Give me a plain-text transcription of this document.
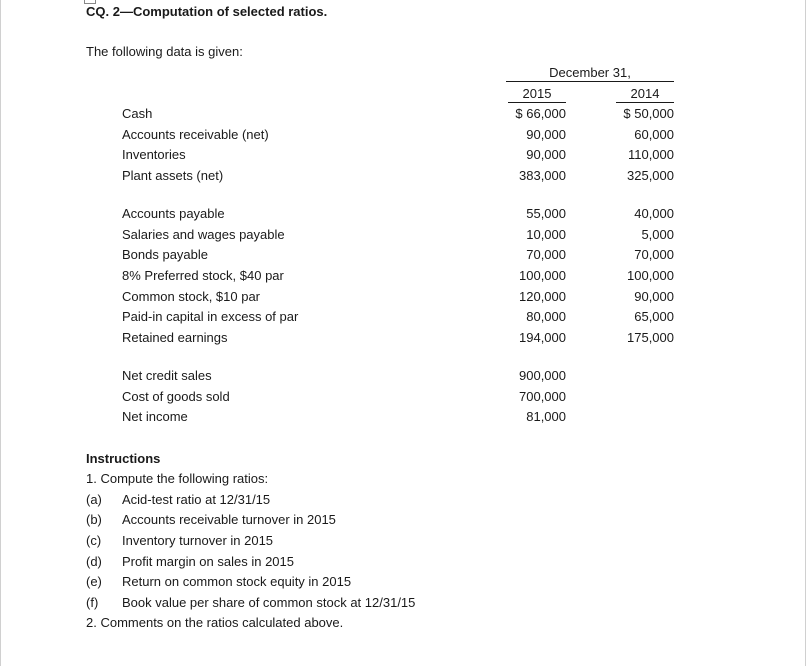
CQ. 2—Computation of selected ratios.
The following data is given:
December 31,
2015	2014
Cash	$ 66,000	$ 50,000
Accounts receivable (net)	90,000	60,000
Inventories	90,000	110,000
Plant assets (net)	383,000	325,000
Accounts payable	55,000	40,000
Salaries and wages payable	10,000	5,000
Bonds payable	70,000	70,000
8% Preferred stock, $40 par	100,000	100,000
Common stock, $10 par	120,000	90,000
Paid-in capital in excess of par	80,000	65,000
Retained earnings	194,000	175,000
Net credit sales	900,000
Cost of goods sold	700,000
Net income	81,000
Instructions
1. Compute the following ratios:
(a) Acid-test ratio at 12/31/15
(b) Accounts receivable turnover in 2015
(c) Inventory turnover in 2015
(d) Profit margin on sales in 2015
(e) Return on common stock equity in 2015
(f) Book value per share of common stock at 12/31/15
2. Comments on the ratios calculated above.
